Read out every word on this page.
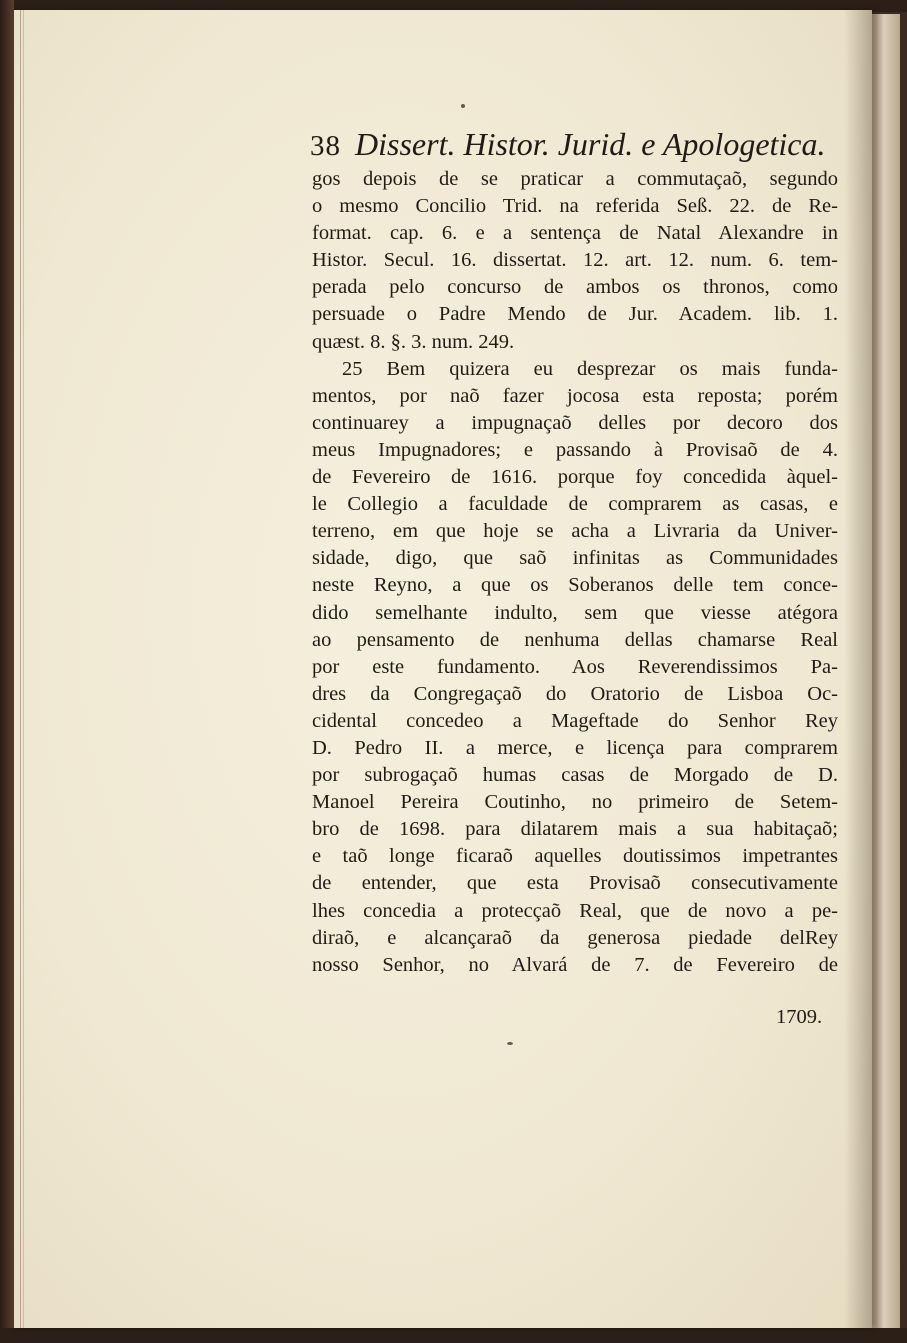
38 Dissert. Histor. Jurid. e Apologetica.
gos depois de se praticar a commutaçaõ, segundo
o mesmo Concilio Trid. na referida Seß. 22. de Re-
format. cap. 6. e a sentença de Natal Alexandre in
Histor. Secul. 16. dissertat. 12. art. 12. num. 6. tem-
perada pelo concurso de ambos os thronos, como
persuade o Padre Mendo de Jur. Academ. lib. 1.
quæst. 8. §. 3. num. 249.
25 Bem quizera eu desprezar os mais funda-
mentos, por naõ fazer jocosa esta reposta; porém
continuarey a impugnaçaõ delles por decoro dos
meus Impugnadores; e passando à Provisaõ de 4.
de Fevereiro de 1616. porque foy concedida àquel-
le Collegio a faculdade de comprarem as casas, e
terreno, em que hoje se acha a Livraria da Univer-
sidade, digo, que saõ infinitas as Communidades
neste Reyno, a que os Soberanos delle tem conce-
dido semelhante indulto, sem que viesse atégora
ao pensamento de nenhuma dellas chamarse Real
por este fundamento. Aos Reverendissimos Pa-
dres da Congregaçaõ do Oratorio de Lisboa Oc-
cidental concedeo a Mageftade do Senhor Rey
D. Pedro II. a merce, e licença para comprarem
por subrogaçaõ humas casas de Morgado de D.
Manoel Pereira Coutinho, no primeiro de Setem-
bro de 1698. para dilatarem mais a sua habitaçaõ;
e taõ longe ficaraõ aquelles doutissimos impetrantes
de entender, que esta Provisaõ consecutivamente
lhes concedia a protecçaõ Real, que de novo a pe-
diraõ, e alcançaraõ da generosa piedade delRey
nosso Senhor, no Alvará de 7. de Fevereiro de
1709.
